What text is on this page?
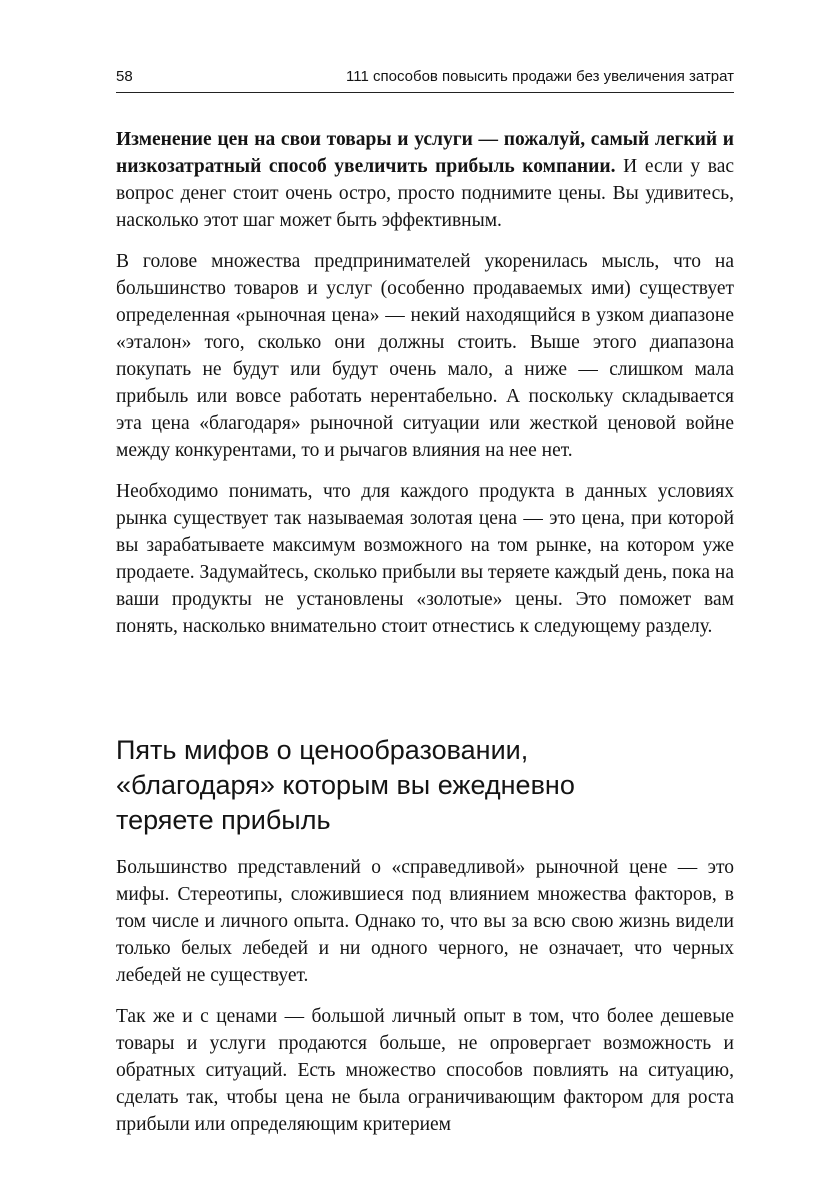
58	111 способов повысить продажи без увеличения затрат

Изменение цен на свои товары и услуги — пожалуй, самый легкий и низкозатратный способ увеличить прибыль компании. И если у вас вопрос денег стоит очень остро, просто поднимите цены. Вы удивитесь, насколько этот шаг может быть эффективным.

В голове множества предпринимателей укоренилась мысль, что на большинство товаров и услуг (особенно продаваемых ими) существует определенная «рыночная цена» — некий находящийся в узком диапазоне «эталон» того, сколько они должны стоить. Выше этого диапазона покупать не будут или будут очень мало, а ниже — слишком мала прибыль или вовсе работать нерентабельно. А поскольку складывается эта цена «благодаря» рыночной ситуации или жесткой ценовой войне между конкурентами, то и рычагов влияния на нее нет.

Необходимо понимать, что для каждого продукта в данных условиях рынка существует так называемая золотая цена — это цена, при которой вы зарабатываете максимум возможного на том рынке, на котором уже продаете. Задумайтесь, сколько прибыли вы теряете каждый день, пока на ваши продукты не установлены «золотые» цены. Это поможет вам понять, насколько внимательно стоит отнестись к следующему разделу.

Пять мифов о ценообразовании,
«благодаря» которым вы ежедневно
теряете прибыль

Большинство представлений о «справедливой» рыночной цене — это мифы. Стереотипы, сложившиеся под влиянием множества факторов, в том числе и личного опыта. Однако то, что вы за всю свою жизнь видели только белых лебедей и ни одного черного, не означает, что черных лебедей не существует.

Так же и с ценами — большой личный опыт в том, что более дешевые товары и услуги продаются больше, не опровергает возможность и обратных ситуаций. Есть множество способов повлиять на ситуацию, сделать так, чтобы цена не была ограничивающим фактором для роста прибыли или определяющим критерием
